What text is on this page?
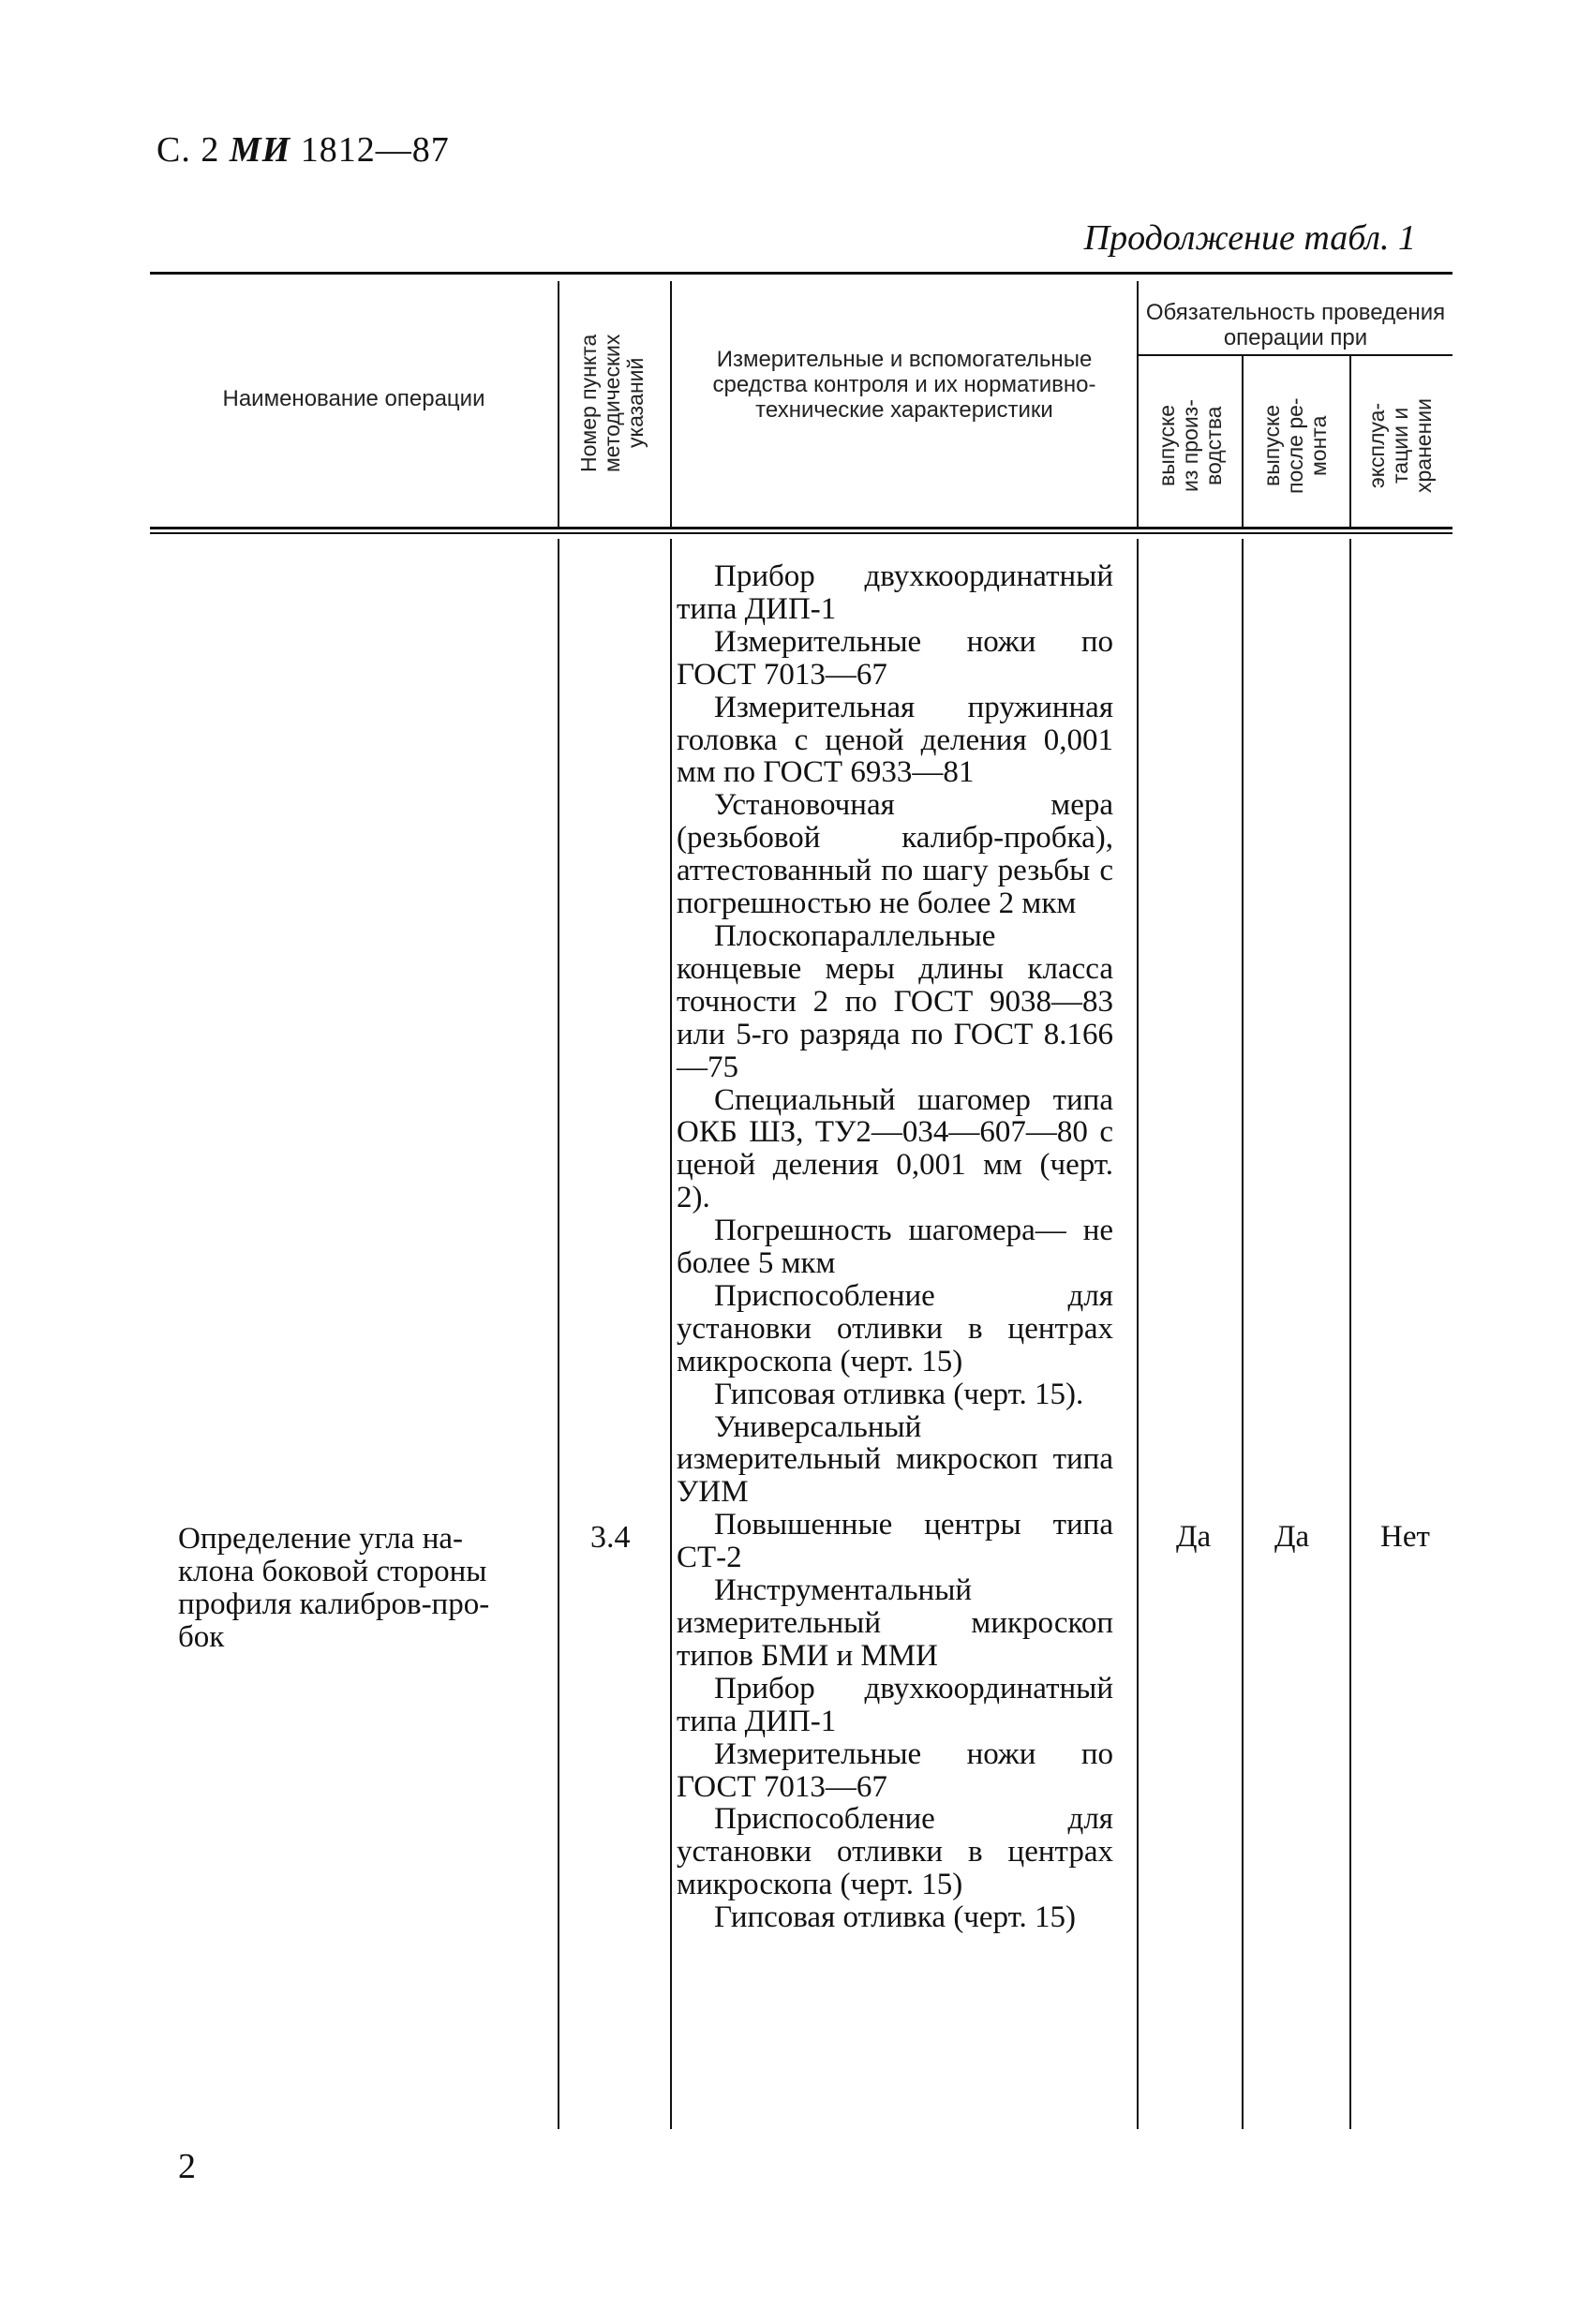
С. 2 МИ 1812—87
Продолжение табл. 1
Наименование операции
Номер пункта
методических
указаний	Измерительные и вспомогательные средства контроля и их нормативно-технические характеристики
Обязательность проведения операции при
выпуске
из произ-
водства выпуске
после ре-
монта эксплуа-
тации и
хранении
Определение угла на-
клона боковой стороны
профиля калибров-про-
бок
3.4

Прибор двухкоординатный типа ДИП-1

Измерительные ножи по ГОСТ 7013—67

Измерительная пружинная головка с ценой деления 0,001 мм по ГОСТ 6933—81

Установочная мера (резьбовой калибр-пробка), аттестованный по шагу резьбы с погрешностью не более 2 мкм

Плоскопараллельные концевые меры длины класса точности 2 по ГОСТ 9038—83 или 5-го разряда по ГОСТ 8.166—75

Специальный шагомер типа ОКБ ШЗ, ТУ2—034—607—80 с ценой деления 0,001 мм (черт. 2).

Погрешность шагомера— не более 5 мкм

Приспособление для установки отливки в центрах микроскопа (черт. 15)

Гипсовая отливка (черт. 15).

Универсальный измерительный микроскоп типа УИМ

Повышенные центры типа СТ-2

Инструментальный измерительный микроскоп типов БМИ и ММИ

Прибор двухкоординатный типа ДИП-1

Измерительные ножи по ГОСТ 7013—67

Приспособление для установки отливки в центрах микроскопа (черт. 15)

Гипсовая отливка (черт. 15)

Да Да Нет
2
